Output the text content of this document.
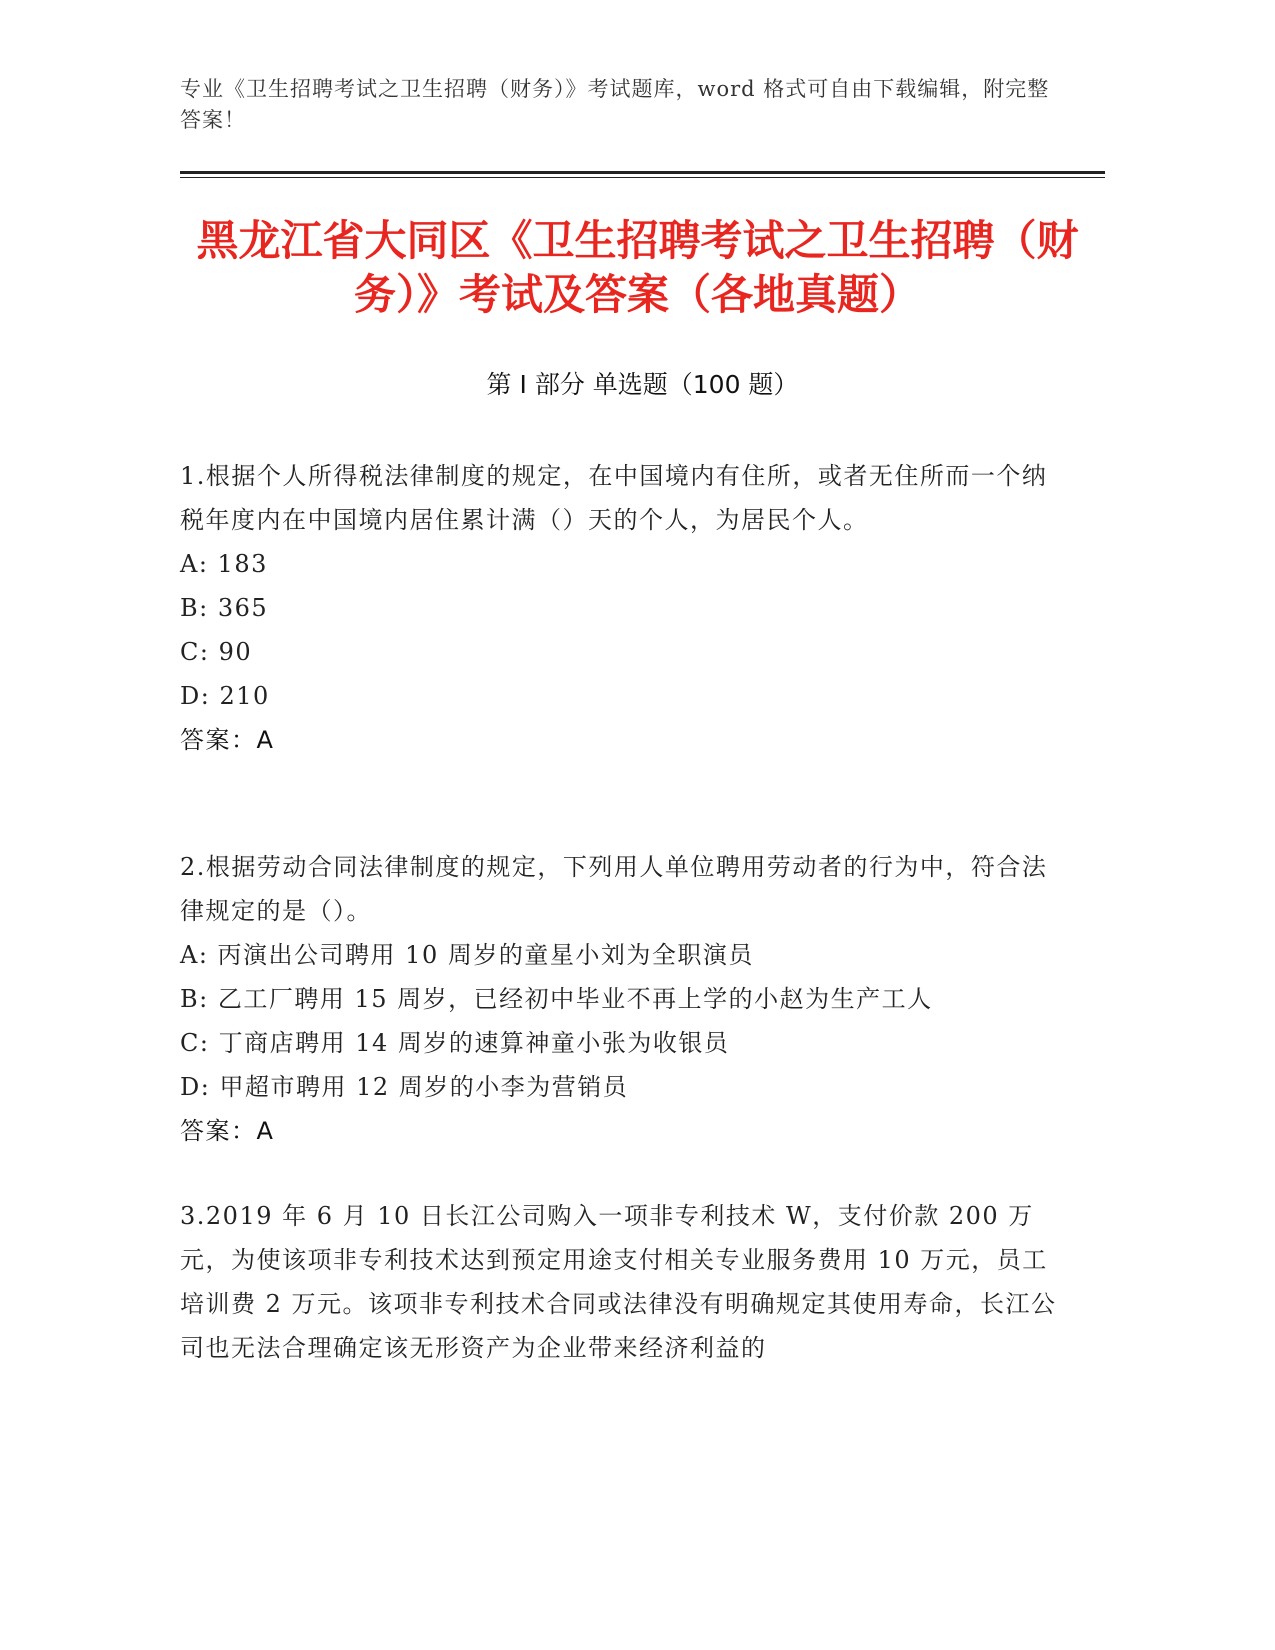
专业《卫生招聘考试之卫生招聘（财务）》考试题库，word 格式可自由下载编辑，附完整答案！
黑龙江省大同区《卫生招聘考试之卫生招聘（财务）》考试及答案（各地真题）
第 I 部分 单选题（100 题）
1.根据个人所得税法律制度的规定，在中国境内有住所，或者无住所而一个纳税年度内在中国境内居住累计满（）天的个人，为居民个人。
A: 183
B: 365
C: 90
D: 210
答案：A
2.根据劳动合同法律制度的规定，下列用人单位聘用劳动者的行为中，符合法律规定的是（）。
A: 丙演出公司聘用 10 周岁的童星小刘为全职演员
B: 乙工厂聘用 15 周岁，已经初中毕业不再上学的小赵为生产工人
C: 丁商店聘用 14 周岁的速算神童小张为收银员
D: 甲超市聘用 12 周岁的小李为营销员
答案：A
3.2019 年 6 月 10 日长江公司购入一项非专利技术 W，支付价款 200 万元，为使该项非专利技术达到预定用途支付相关专业服务费用 10 万元，员工培训费 2 万元。该项非专利技术合同或法律没有明确规定其使用寿命，长江公司也无法合理确定该无形资产为企业带来经济利益的
